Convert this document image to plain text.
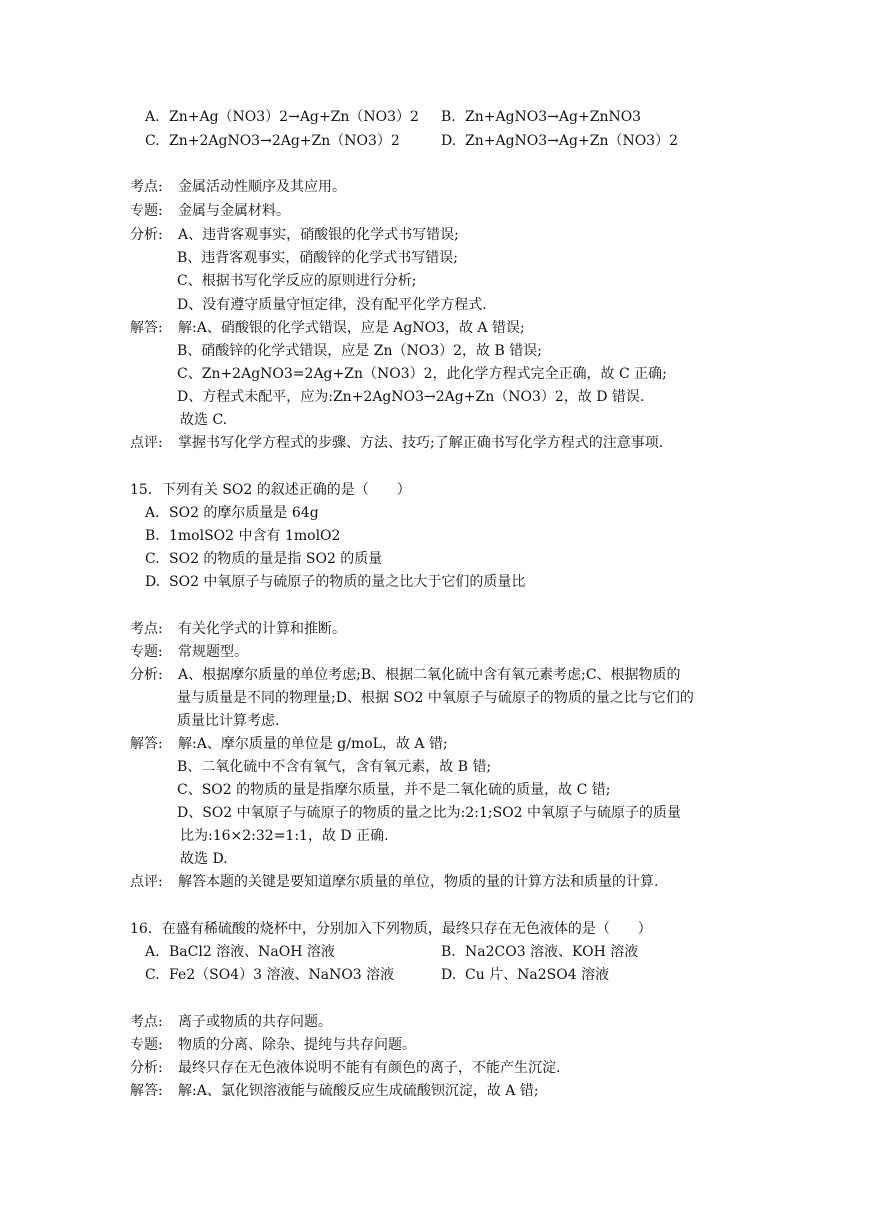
A. Zn+Ag（NO3）2→Ag+Zn（NO3）2 B. Zn+AgNO3→Ag+ZnNO3
C. Zn+2AgNO3→2Ag+Zn（NO3）2	D. Zn+AgNO3→Ag+Zn（NO3）2
考点: 金属活动性顺序及其应用。
专题: 金属与金属材料。
分析: A、违背客观事实，硝酸银的化学式书写错误;
B、违背客观事实，硝酸锌的化学式书写错误;
C、根据书写化学反应的原则进行分析;
D、没有遵守质量守恒定律，没有配平化学方程式.
解答: 解:A、硝酸银的化学式错误，应是 AgNO3，故 A 错误;
B、硝酸锌的化学式错误，应是 Zn（NO3）2，故 B 错误;
C、Zn+2AgNO3=2Ag+Zn（NO3）2，此化学方程式完全正确，故 C 正确;
D、方程式未配平，应为:Zn+2AgNO3→2Ag+Zn（NO3）2，故 D 错误.
故选 C.
点评: 掌握书写化学方程式的步骤、方法、技巧;了解正确书写化学方程式的注意事项.
15．下列有关 SO2 的叙述正确的是（　　）
A. SO2 的摩尔质量是 64g
B. 1molSO2 中含有 1molO2
C. SO2 的物质的量是指 SO2 的质量
D. SO2 中氧原子与硫原子的物质的量之比大于它们的质量比
考点: 有关化学式的计算和推断。
专题: 常规题型。
分析: A、根据摩尔质量的单位考虑;B、根据二氧化硫中含有氧元素考虑;C、根据物质的
量与质量是不同的物理量;D、根据 SO2 中氧原子与硫原子的物质的量之比与它们的
质量比计算考虑.
解答: 解:A、摩尔质量的单位是 g/moL，故 A 错;
B、二氧化硫中不含有氧气，含有氧元素，故 B 错;
C、SO2 的物质的量是指摩尔质量，并不是二氧化硫的质量，故 C 错;
D、SO2 中氧原子与硫原子的物质的量之比为:2:1;SO2 中氧原子与硫原子的质量
比为:16×2:32=1:1，故 D 正确.
故选 D.
点评: 解答本题的关键是要知道摩尔质量的单位，物质的量的计算方法和质量的计算.
16．在盛有稀硫酸的烧杯中，分别加入下列物质，最终只存在无色液体的是（　　）
A. BaCl2 溶液、NaOH 溶液	B. Na2CO3 溶液、KOH 溶液
C. Fe2（SO4）3 溶液、NaNO3 溶液	D. Cu 片、Na2SO4 溶液
考点: 离子或物质的共存问题。
专题: 物质的分离、除杂、提纯与共存问题。
分析: 最终只存在无色液体说明不能有有颜色的离子，不能产生沉淀.
解答: 解:A、氯化钡溶液能与硫酸反应生成硫酸钡沉淀，故 A 错;
